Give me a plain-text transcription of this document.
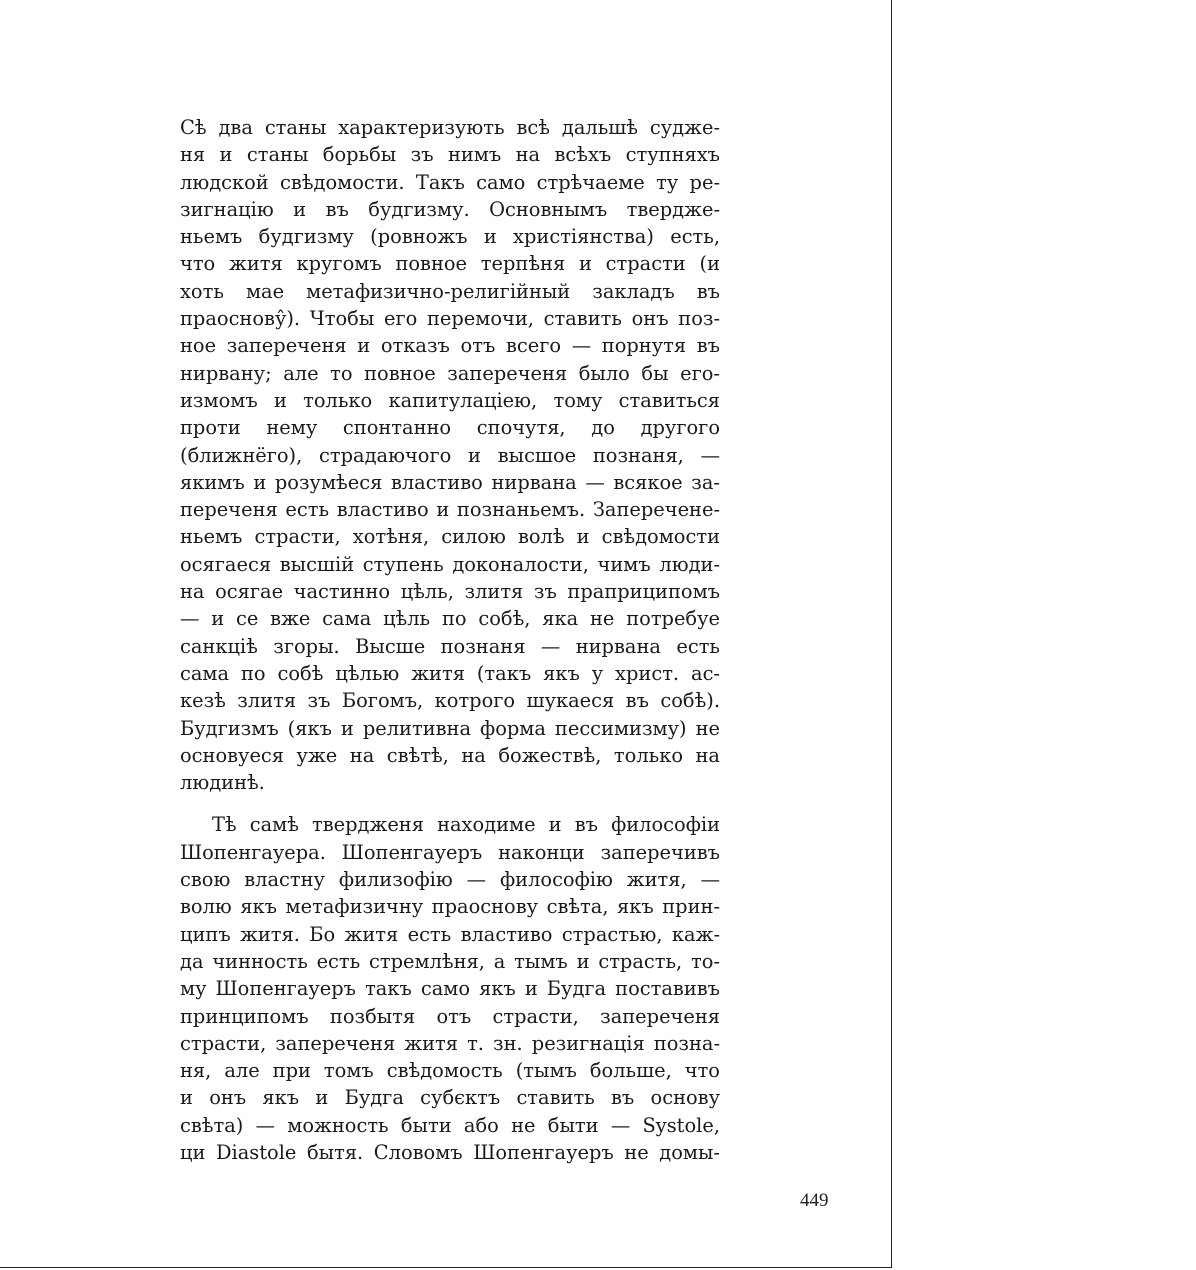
Сѣ два станы характеризують всѣ дальшѣ судже-
ня и станы борьбы зъ нимъ на всѣхъ ступняхъ
людской свѣдомости. Такъ само стрѣчаеме ту ре-
зигнацію и въ будгизму. Основнымъ тверджe-
ньемъ будгизму (ровножъ и христіянства) есть,
что житя кругомъ повное терпѣня и страсти (и
хоть мае метафизично-религійный закладъ въ
праоснову̂). Чтобы его перемочи, ставить онъ поз-
ное запереченя и отказъ отъ всего — порнутя въ
нирвану; але то повное запереченя было бы его-
измомъ и только капитулаціею, тому ставиться
проти нему спонтанно спочутя, до другого
(ближнёго), страдаючого и высшое познаня, —
якимъ и розумѣеся властиво нирвана — всякое за-
переченя есть властиво и познаньемъ. Запереченe-
ньемъ страсти, хотѣня, силою волѣ и свѣдомости
осягаеся высшій ступень доконалости, чимъ люди-
на осягае частинно цѣль, злитя зъ праприципомъ
— и се вже сама цѣль по собѣ, яка не потребуе
санкціѣ згоры. Высше познаня — нирвана есть
сама по собѣ цѣлью житя (такъ якъ у христ. ас-
кезѣ злитя зъ Богомъ, котрого шукаеся въ собѣ).
Будгизмъ (якъ и релитивна форма пессимизму) не
основуеся уже на свѣтѣ, на божествѣ, только на
людинѣ.
Тѣ самѣ тверджeня находиме и въ философіи
Шопенгауера. Шопенгауеръ наконци заперечивъ
свою властну филизофію — философію житя, —
волю якъ метафизичну праоснову свѣта, якъ прин-
ципъ житя. Бо житя есть властиво страстью, кaж-
да чинность есть стремлѣня, а тымъ и страсть, то-
му Шопенгауеръ такъ само якъ и Будга поставивъ
принципомъ позбытя отъ страсти, запереченя
страсти, запереченя житя т. зн. резигнація позна-
ня, але при томъ свѣдомость (тымъ больше, что
и онъ якъ и Будга субєктъ ставить въ основу
свѣта) — можность быти або не быти — Systole,
ци Diastole бытя. Словомъ Шопенгауеръ не домы-
449
